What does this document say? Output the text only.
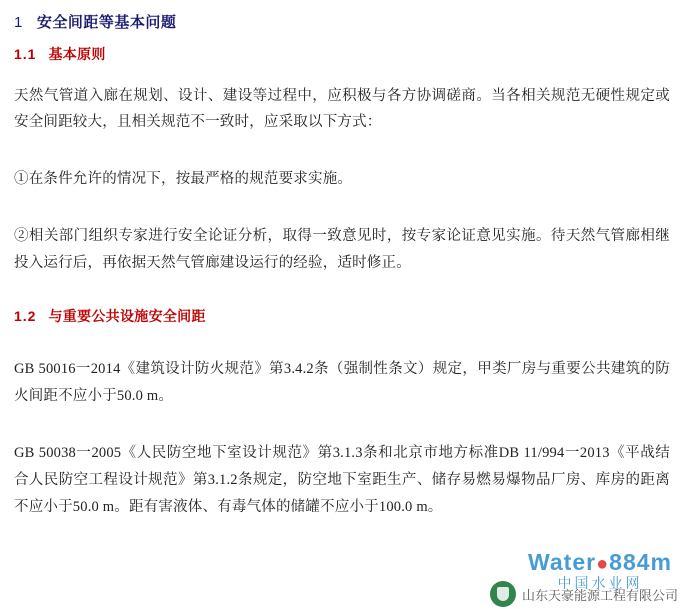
1 安全间距等基本问题
1.1 基本原则
天然气管道入廊在规划、设计、建设等过程中，应积极与各方协调磋商。当各相关规范无硬性规定或安全间距较大，且相关规范不一致时，应采取以下方式：
①在条件允许的情况下，按最严格的规范要求实施。
②相关部门组织专家进行安全论证分析，取得一致意见时，按专家论证意见实施。待天然气管廊相继投入运行后，再依据天然气管廊建设运行的经验，适时修正。
1.2 与重要公共设施安全间距
GB 50016一2014《建筑设计防火规范》第3.4.2条（强制性条文）规定，甲类厂房与重要公共建筑的防火间距不应小于50.0 m。
GB 50038一2005《人民防空地下室设计规范》第3.1.3条和北京市地方标准DB 11/994一2013《平战结合人民防空工程设计规范》第3.1.2条规定，防空地下室距生产、储存易燃易爆物品厂房、库房的距离不应小于50.0 m。距有害液体、有毒气体的储罐不应小于100.0 m。
Water●884m
中国水业网
山东天豪能源工程有限公司
